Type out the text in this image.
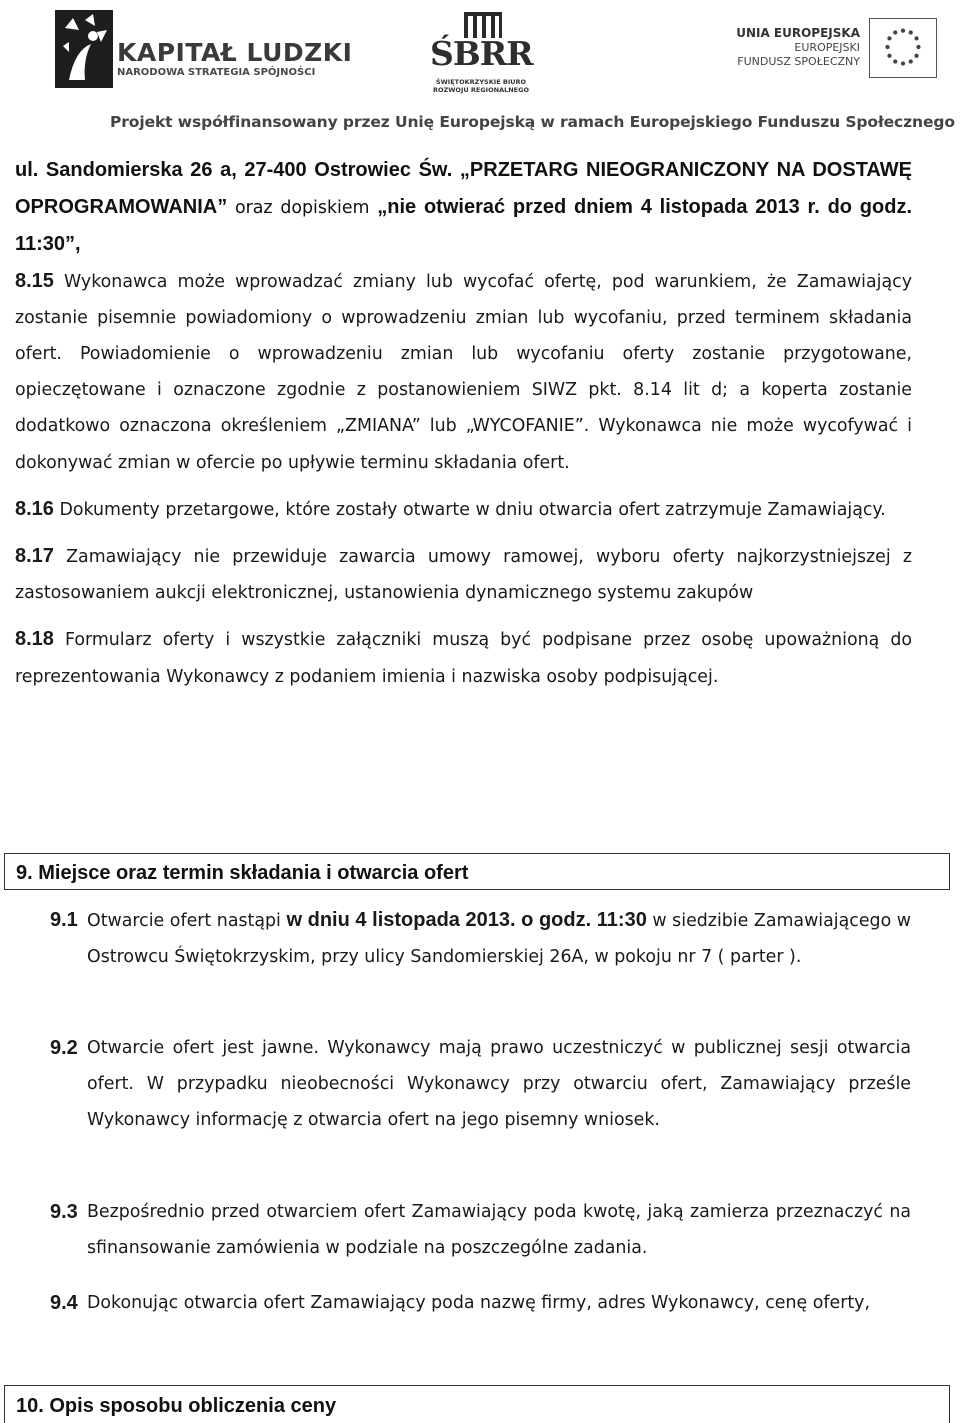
KAPITAŁ LUDZKI
NARODOWA STRATEGIA SPÓJNOŚCI	ŚBRR
ŚWIĘTOKRZYSKIE BIURO
ROZWOJU REGIONALNEGO
UNIA EUROPEJSKA
EUROPEJSKI
FUNDUSZ SPOŁECZNY
Projekt współfinansowany przez Unię Europejską w ramach Europejskiego Funduszu Społecznego

ul. Sandomierska 26 a, 27-400 Ostrowiec Św. „PRZETARG NIEOGRANICZONY NA DOSTAWĘ OPROGRAMOWANIA” oraz dopiskiem „nie otwierać przed dniem 4 listopada 2013 r. do godz. 11:30”,

8.15 Wykonawca może wprowadzać zmiany lub wycofać ofertę, pod warunkiem, że Zamawiający zostanie pisemnie powiadomiony o wprowadzeniu zmian lub wycofaniu, przed terminem składania ofert. Powiadomienie o wprowadzeniu zmian lub wycofaniu oferty zostanie przygotowane, opieczętowane i oznaczone zgodnie z postanowieniem SIWZ pkt. 8.14 lit d; a koperta zostanie dodatkowo oznaczona określeniem „ZMIANA” lub „WYCOFANIE”. Wykonawca nie może wycofywać i dokonywać zmian w ofercie po upływie terminu składania ofert.

8.16 Dokumenty przetargowe, które zostały otwarte w dniu otwarcia ofert zatrzymuje Zamawiający.

8.17 Zamawiający nie przewiduje zawarcia umowy ramowej, wyboru oferty najkorzystniejszej z zastosowaniem aukcji elektronicznej, ustanowienia dynamicznego systemu zakupów

8.18 Formularz oferty i wszystkie załączniki muszą być podpisane przez osobę upoważnioną do reprezentowania Wykonawcy z podaniem imienia i nazwiska osoby podpisującej.

9. Miejsce oraz termin składania i otwarcia ofert
9.1 Otwarcie ofert nastąpi w dniu 4 listopada 2013. o godz. 11:30 w siedzibie Zamawiającego w Ostrowcu Świętokrzyskim, przy ulicy Sandomierskiej 26A, w pokoju nr 7 ( parter ).
9.2 Otwarcie ofert jest jawne. Wykonawcy mają prawo uczestniczyć w publicznej sesji otwarcia ofert. W przypadku nieobecności Wykonawcy przy otwarciu ofert, Zamawiający prześle Wykonawcy informację z otwarcia ofert na jego pisemny wniosek.
9.3 Bezpośrednio przed otwarciem ofert Zamawiający poda kwotę, jaką zamierza przeznaczyć na sfinansowanie zamówienia w podziale na poszczególne zadania.
9.4 Dokonując otwarcia ofert Zamawiający poda nazwę firmy, adres Wykonawcy, cenę oferty,
10. Opis sposobu obliczenia ceny
